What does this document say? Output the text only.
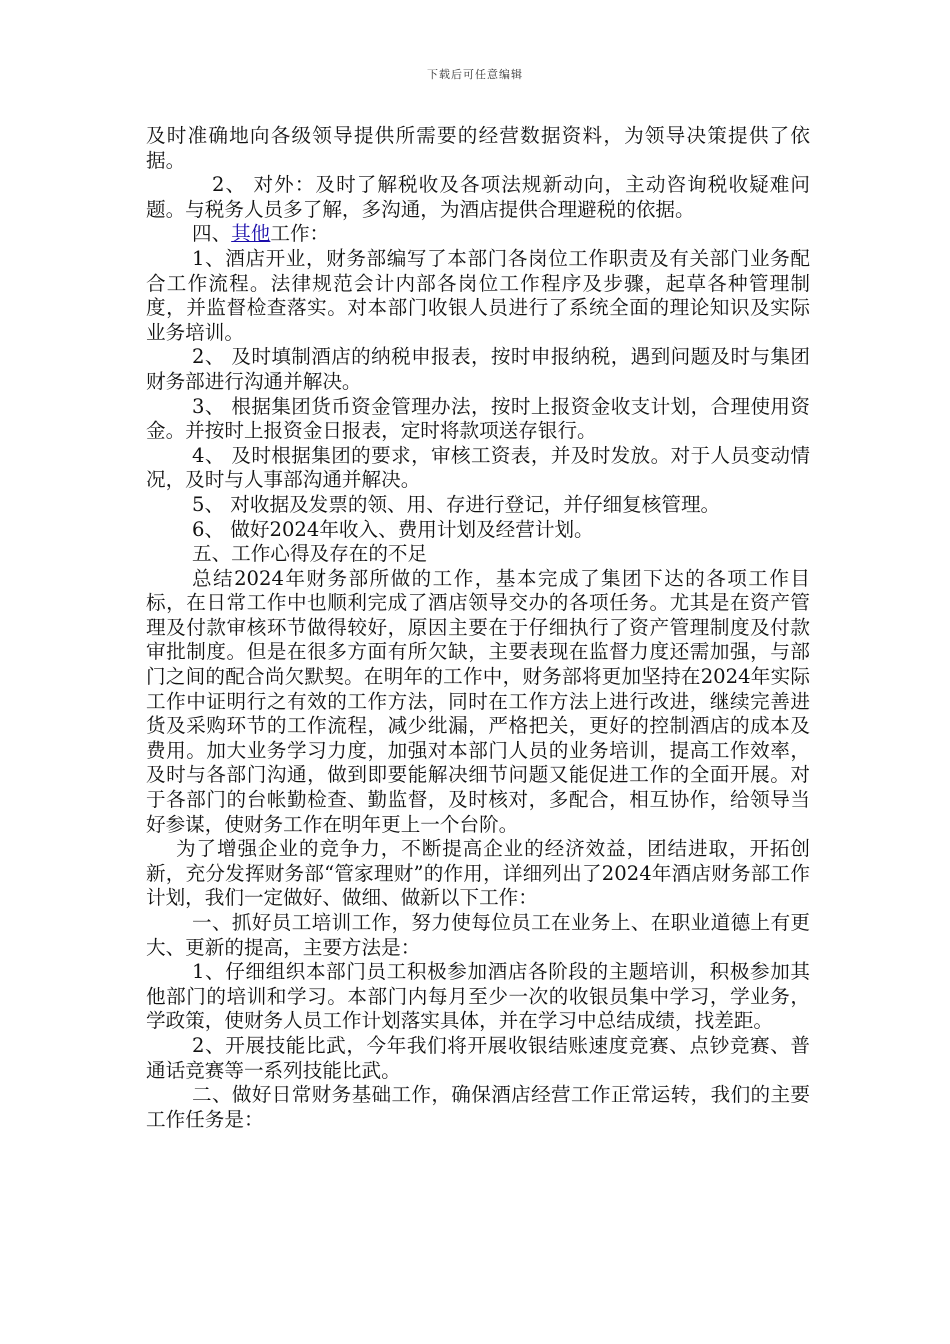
下载后可任意编辑

及时准确地向各级领导提供所需要的经营数据资料，为领导决策提供了依据。

2、 对外：及时了解税收及各项法规新动向，主动咨询税收疑难问题。与税务人员多了解，多沟通，为酒店提供合理避税的依据。

四、其他工作：

1、酒店开业，财务部编写了本部门各岗位工作职责及有关部门业务配合工作流程。法律规范会计内部各岗位工作程序及步骤，起草各种管理制度，并监督检查落实。对本部门收银人员进行了系统全面的理论知识及实际业务培训。

2、 及时填制酒店的纳税申报表，按时申报纳税，遇到问题及时与集团财务部进行沟通并解决。

3、 根据集团货币资金管理办法，按时上报资金收支计划，合理使用资金。并按时上报资金日报表，定时将款项送存银行。

4、 及时根据集团的要求，审核工资表，并及时发放。对于人员变动情况，及时与人事部沟通并解决。

5、 对收据及发票的领、用、存进行登记，并仔细复核管理。

6、 做好2024年收入、费用计划及经营计划。

五、工作心得及存在的不足

总结2024年财务部所做的工作，基本完成了集团下达的各项工作目标，在日常工作中也顺利完成了酒店领导交办的各项任务。尤其是在资产管理及付款审核环节做得较好，原因主要在于仔细执行了资产管理制度及付款审批制度。但是在很多方面有所欠缺，主要表现在监督力度还需加强，与部门之间的配合尚欠默契。在明年的工作中，财务部将更加坚持在2024年实际工作中证明行之有效的工作方法，同时在工作方法上进行改进，继续完善进货及采购环节的工作流程，减少纰漏，严格把关，更好的控制酒店的成本及费用。加大业务学习力度，加强对本部门人员的业务培训，提高工作效率，及时与各部门沟通，做到即要能解决细节问题又能促进工作的全面开展。对于各部门的台帐勤检查、勤监督，及时核对，多配合，相互协作，给领导当好参谋，使财务工作在明年更上一个台阶。

为了增强企业的竞争力，不断提高企业的经济效益，团结进取，开拓创新，充分发挥财务部“管家理财”的作用，详细列出了2024年酒店财务部工作计划，我们一定做好、做细、做新以下工作：

一、抓好员工培训工作，努力使每位员工在业务上、在职业道德上有更大、更新的提高，主要方法是：

1、仔细组织本部门员工积极参加酒店各阶段的主题培训，积极参加其他部门的培训和学习。本部门内每月至少一次的收银员集中学习，学业务，学政策，使财务人员工作计划落实具体，并在学习中总结成绩，找差距。

2、开展技能比武，今年我们将开展收银结账速度竞赛、点钞竞赛、普通话竞赛等一系列技能比武。

二、做好日常财务基础工作，确保酒店经营工作正常运转，我们的主要工作任务是：
